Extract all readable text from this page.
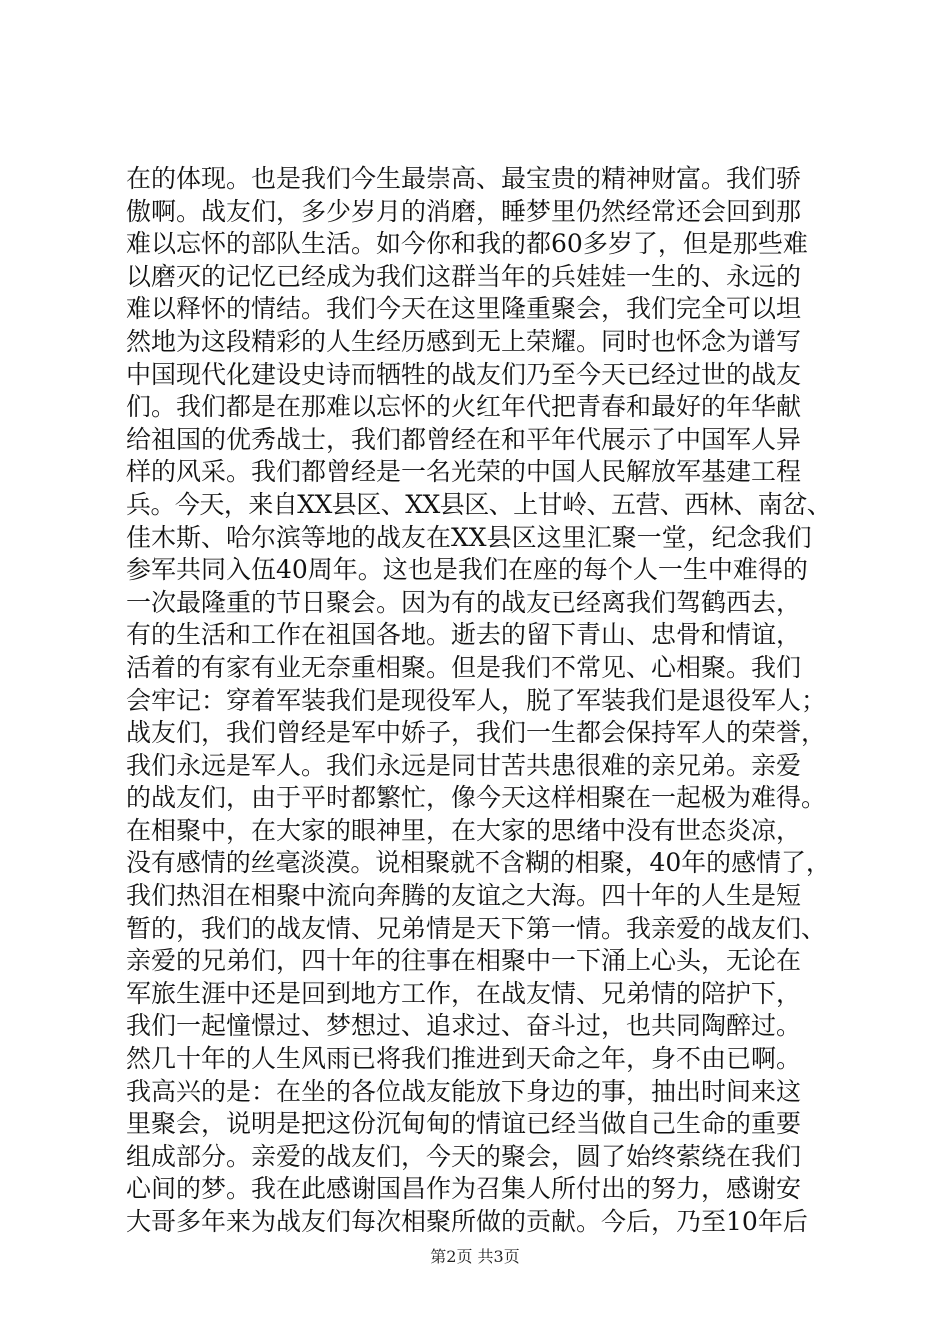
在的体现。也是我们今生最崇高、最宝贵的精神财富。我们骄
傲啊。战友们，多少岁月的消磨，睡梦里仍然经常还会回到那
难以忘怀的部队生活。如今你和我的都60多岁了，但是那些难
以磨灭的记忆已经成为我们这群当年的兵娃娃一生的、永远的
难以释怀的情结。我们今天在这里隆重聚会，我们完全可以坦
然地为这段精彩的人生经历感到无上荣耀。同时也怀念为谱写
中国现代化建设史诗而牺牲的战友们乃至今天已经过世的战友
们。我们都是在那难以忘怀的火红年代把青春和最好的年华献
给祖国的优秀战士，我们都曾经在和平年代展示了中国军人异
样的风采。我们都曾经是一名光荣的中国人民解放军基建工程
兵。今天，来自XX县区、XX县区、上甘岭、五营、西林、南岔、
佳木斯、哈尔滨等地的战友在XX县区这里汇聚一堂，纪念我们
参军共同入伍40周年。这也是我们在座的每个人一生中难得的
一次最隆重的节日聚会。因为有的战友已经离我们驾鹤西去，
有的生活和工作在祖国各地。逝去的留下青山、忠骨和情谊，
活着的有家有业无奈重相聚。但是我们不常见、心相聚。我们
会牢记：穿着军装我们是现役军人，脱了军装我们是退役军人；
战友们，我们曾经是军中娇子，我们一生都会保持军人的荣誉，
我们永远是军人。我们永远是同甘苦共患很难的亲兄弟。亲爱
的战友们，由于平时都繁忙，像今天这样相聚在一起极为难得。
在相聚中，在大家的眼神里，在大家的思绪中没有世态炎凉，
没有感情的丝毫淡漠。说相聚就不含糊的相聚，40年的感情了，
我们热泪在相聚中流向奔腾的友谊之大海。四十年的人生是短
暂的，我们的战友情、兄弟情是天下第一情。我亲爱的战友们、
亲爱的兄弟们，四十年的往事在相聚中一下涌上心头，无论在
军旅生涯中还是回到地方工作，在战友情、兄弟情的陪护下，
我们一起憧憬过、梦想过、追求过、奋斗过，也共同陶醉过。
然几十年的人生风雨已将我们推进到天命之年，身不由已啊。
我高兴的是：在坐的各位战友能放下身边的事，抽出时间来这
里聚会，说明是把这份沉甸甸的情谊已经当做自己生命的重要
组成部分。亲爱的战友们，今天的聚会，圆了始终萦绕在我们
心间的梦。我在此感谢国昌作为召集人所付出的努力，感谢安
大哥多年来为战友们每次相聚所做的贡献。今后，乃至10年后
第2页 共3页
